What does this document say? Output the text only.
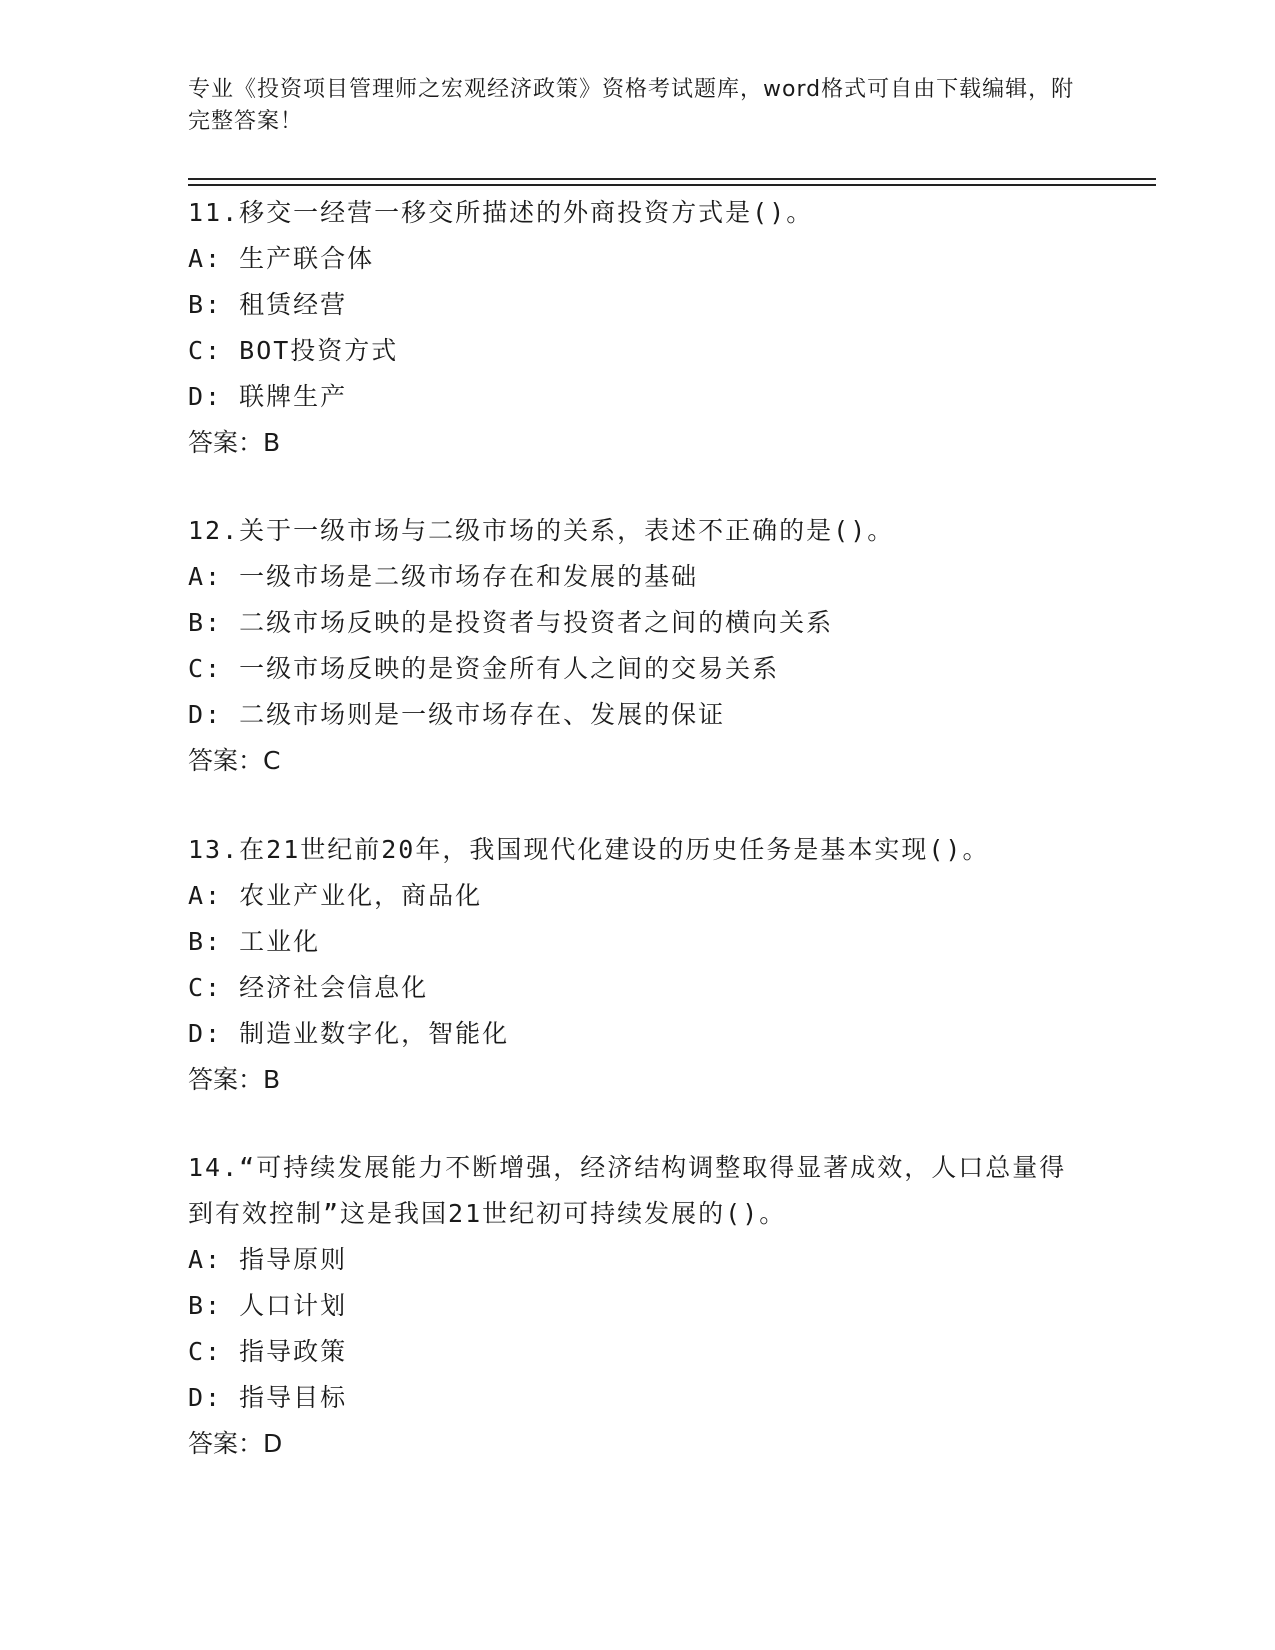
专业《投资项目管理师之宏观经济政策》资格考试题库，word格式可自由下载编辑，附完整答案！

11.移交一经营一移交所描述的外商投资方式是()。

A: 生产联合体

B: 租赁经营

C: BOT投资方式

D: 联牌生产

答案：B

12.关于一级市场与二级市场的关系，表述不正确的是()。

A: 一级市场是二级市场存在和发展的基础

B: 二级市场反映的是投资者与投资者之间的横向关系

C: 一级市场反映的是资金所有人之间的交易关系

D: 二级市场则是一级市场存在、发展的保证

答案：C

13.在21世纪前20年，我国现代化建设的历史任务是基本实现()。

A: 农业产业化，商品化

B: 工业化

C: 经济社会信息化

D: 制造业数字化，智能化

答案：B

14.“可持续发展能力不断增强，经济结构调整取得显著成效，人口总量得到有效控制”这是我国21世纪初可持续发展的()。

A: 指导原则

B: 人口计划

C: 指导政策

D: 指导目标

答案：D
